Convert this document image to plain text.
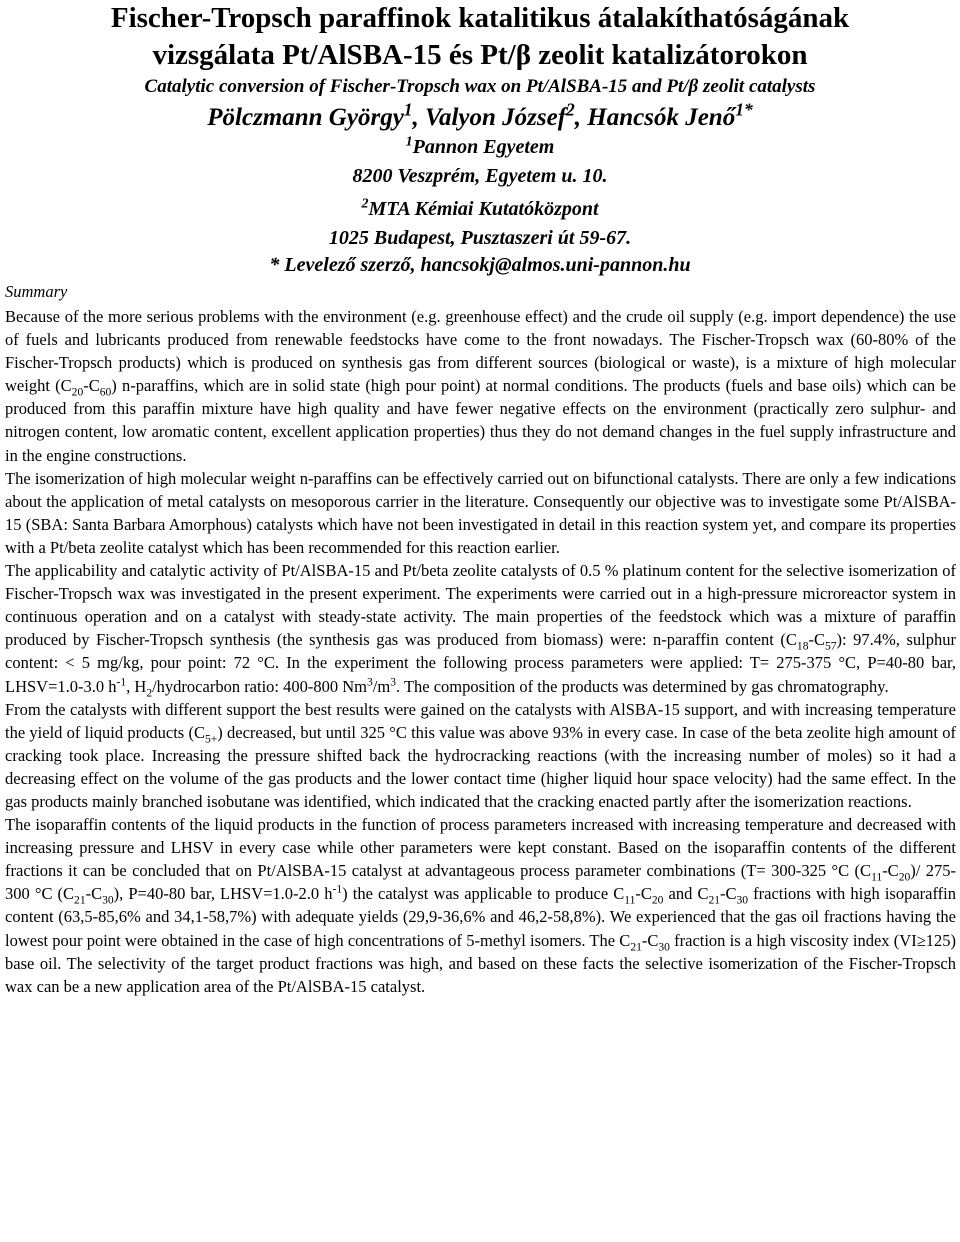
Fischer-Tropsch paraffinok katalitikus átalakíthatóságának
vizsgálata Pt/AlSBA-15 és Pt/β zeolit katalizátorokon

Catalytic conversion of Fischer-Tropsch wax on Pt/AlSBA-15 and Pt/β zeolit catalysts

Pölczmann György$^1$, Valyon József$^2$, Hancsók Jenő$^{1*}$

$^1$Pannon Egyetem

8200 Veszprém, Egyetem u. 10.

$^2$MTA Kémiai Kutatóközpont

1025 Budapest, Pusztaszeri út 59-67.

* Levelező szerző, hancsokj@almos.uni-pannon.hu

Summary

Because of the more serious problems with the environment (e.g. greenhouse effect) and the crude oil supply (e.g. import dependence) the use of fuels and lubricants produced from renewable feedstocks have come to the front nowadays. The Fischer-Tropsch wax (60-80% of the Fischer-Tropsch products) which is produced on synthesis gas from different sources (biological or waste), is a mixture of high molecular weight $(C_{20}-C_{60})$ n-paraffins, which are in solid state (high pour point) at normal conditions. The products (fuels and base oils) which can be produced from this paraffin mixture have high quality and have fewer negative effects on the environment (practically zero sulphur- and nitrogen content, low aromatic content, excellent application properties) thus they do not demand changes in the fuel supply infrastructure and in the engine constructions.

The isomerization of high molecular weight n-paraffins can be effectively carried out on bifunctional catalysts. There are only a few indications about the application of metal catalysts on mesoporous carrier in the literature. Consequently our objective was to investigate some Pt/AlSBA-15 (SBA: Santa Barbara Amorphous) catalysts which have not been investigated in detail in this reaction system yet, and compare its properties with a Pt/beta zeolite catalyst which has been recommended for this reaction earlier.

The applicability and catalytic activity of Pt/AlSBA-15 and Pt/beta zeolite catalysts of 0.5 % platinum content for the selective isomerization of Fischer-Tropsch wax was investigated in the present experiment. The experiments were carried out in a high-pressure microreactor system in continuous operation and on a catalyst with steady-state activity. The main properties of the feedstock which was a mixture of paraffin produced by Fischer-Tropsch synthesis (the synthesis gas was produced from biomass) were: n-paraffin content $(C_{18}-C_{57})$: 97.4%, sulphur content: < 5 mg/kg, pour point: 72 °C. In the experiment the following process parameters were applied: T= 275-375 °C, P=40-80 bar, LHSV=1.0-3.0 $h^{-1}$, $H_2$/hydrocarbon ratio: 400-800 $Nm^3/m^3$. The composition of the products was determined by gas chromatography.

From the catalysts with different support the best results were gained on the catalysts with AlSBA-15 support, and with increasing temperature the yield of liquid products $(C_{5+})$ decreased, but until 325 °C this value was above 93% in every case. In case of the beta zeolite high amount of cracking took place. Increasing the pressure shifted back the hydrocracking reactions (with the increasing number of moles) so it had a decreasing effect on the volume of the gas products and the lower contact time (higher liquid hour space velocity) had the same effect. In the gas products mainly branched isobutane was identified, which indicated that the cracking enacted partly after the isomerization reactions.

The isoparaffin contents of the liquid products in the function of process parameters increased with increasing temperature and decreased with increasing pressure and LHSV in every case while other parameters were kept constant. Based on the isoparaffin contents of the different fractions it can be concluded that on Pt/AlSBA-15 catalyst at advantageous process parameter combinations (T= 300-325 °C $(C_{11}-C_{20})/$ 275-300 °C $(C_{21}-C_{30})$, P=40-80 bar, LHSV=1.0-2.0 $h^{-1}$) the catalyst was applicable to produce $C_{11}-C_{20}$ and $C_{21}-C_{30}$ fractions with high isoparaffin content (63,5-85,6% and 34,1-58,7%) with adequate yields (29,9-36,6% and 46,2-58,8%). We experienced that the gas oil fractions having the lowest pour point were obtained in the case of high concentrations of 5-methyl isomers. The $C_{21}-C_{30}$ fraction is a high viscosity index (VI≥125) base oil. The selectivity of the target product fractions was high, and based on these facts the selective isomerization of the Fischer-Tropsch wax can be a new application area of the Pt/AlSBA-15 catalyst.
